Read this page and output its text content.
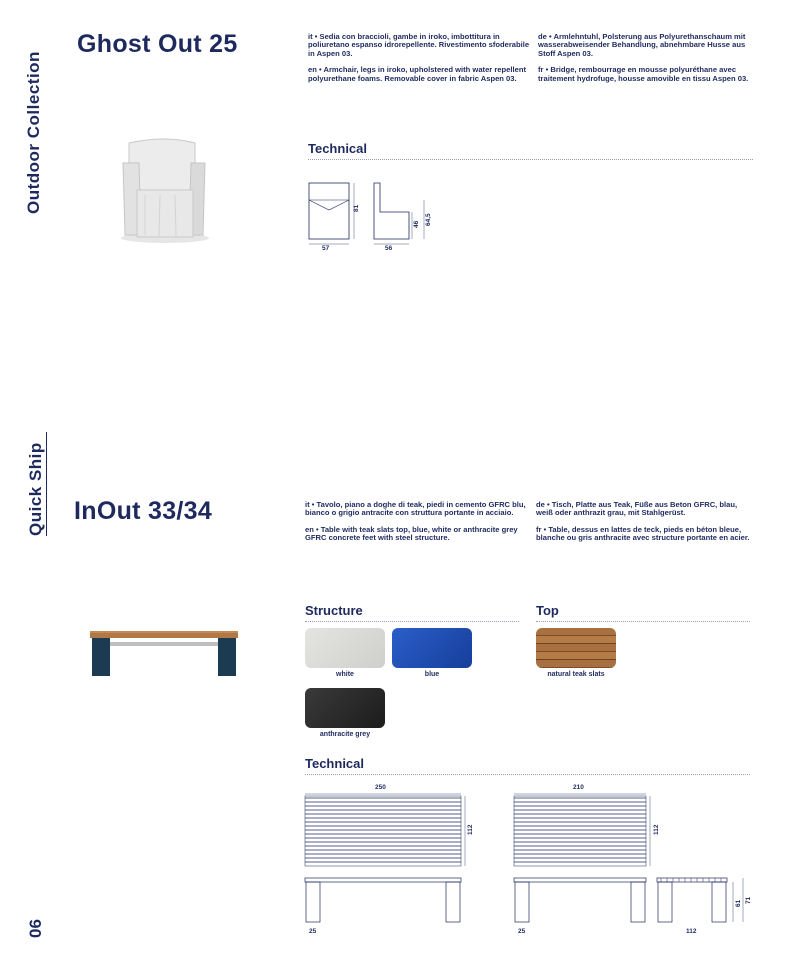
Outdoor Collection
Quick Ship
06
Ghost Out 25	it • Sedia con braccioli, gambe in iroko, imbottitura in poliuretano espanso idrorepellente. Rivestimento sfoderabile in Aspen 03.

en • Armchair, legs in iroko, upholstered with water repellent polyurethane foams. Removable cover in fabric Aspen 03.

de • Armlehntuhl, Polsterung aus Polyurethanschaum mit wasserabweisender Behandlung, abnehmbare Husse aus Stoff Aspen 03.

fr • Bridge, rembourrage en mousse polyuréthane avec traitement hydrofuge, housse amovible en tissu Aspen 03.

Technical
57
81
56
46 64,5
InOut 33/34	it • Tavolo, piano a doghe di teak, piedi in cemento GFRC blu, bianco o grigio antracite con struttura portante in acciaio.

en • Table with teak slats top, blue, white or anthracite grey GFRC concrete feet with steel structure.

de • Tisch, Platte aus Teak, Füße aus Beton GFRC, blau, weiß oder anthrazit grau, mit Stahlgerüst.

fr • Table, dessus en lattes de teck, pieds en béton bleue, blanche ou gris anthracite avec structure portante en acier.

Structure	Top
white	blue	natural teak slats
anthracite grey
Technical
250
112
25
210
112
25	112
61 71
